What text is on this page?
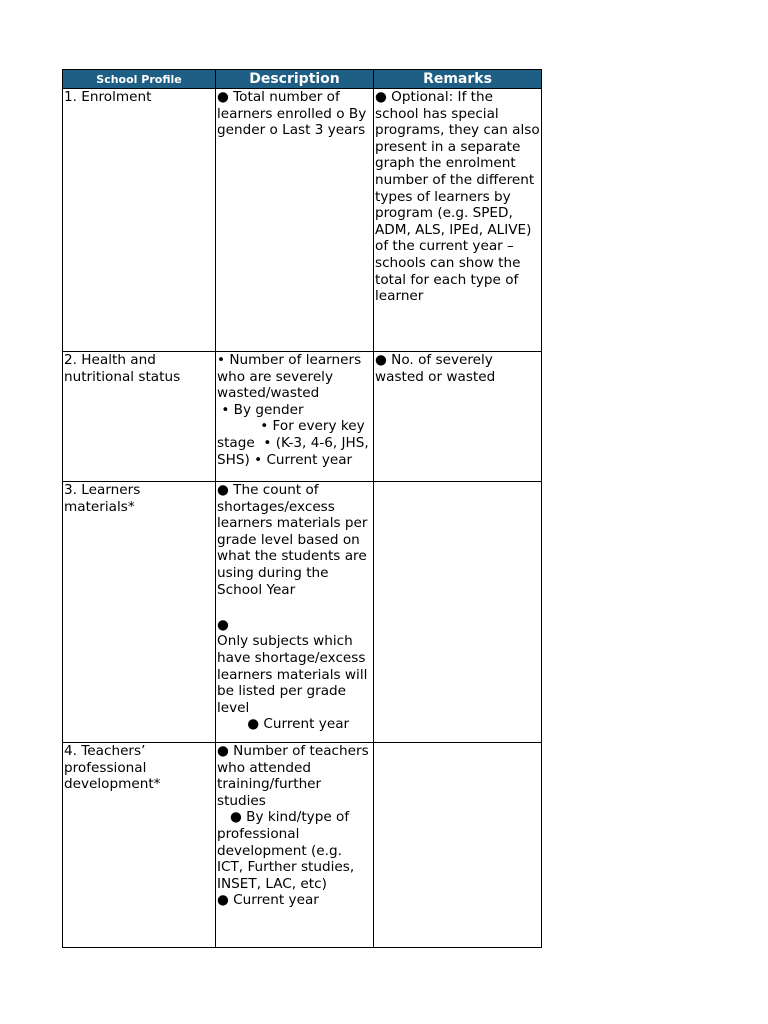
School Profile	Description	Remarks
1. Enrolment	● Total number of learners enrolled o By gender o Last 3 years	● Optional: If the school has special programs, they can also present in a separate graph the enrolment number of the different types of learners by program (e.g. SPED, ADM, ALS, IPEd, ALIVE) of the current year – schools can show the total for each type of learner
2. Health and nutritional status	• Number of learners who are severely wasted/wasted
• By gender
• For every key stage  • (K-3, 4-6, JHS, SHS) • Current year	● No. of severely wasted or wasted
3. Learners materials*	● The count of shortages/excess learners materials per grade level based on what the students are using during the School Year
●
Only subjects which have shortage/excess learners materials will be listed per grade level
● Current year	

4. Teachers’ professional development*	● Number of teachers who attended training/further studies
● By kind/type of professional development (e.g. ICT, Further studies, INSET, LAC, etc)
● Current year	
